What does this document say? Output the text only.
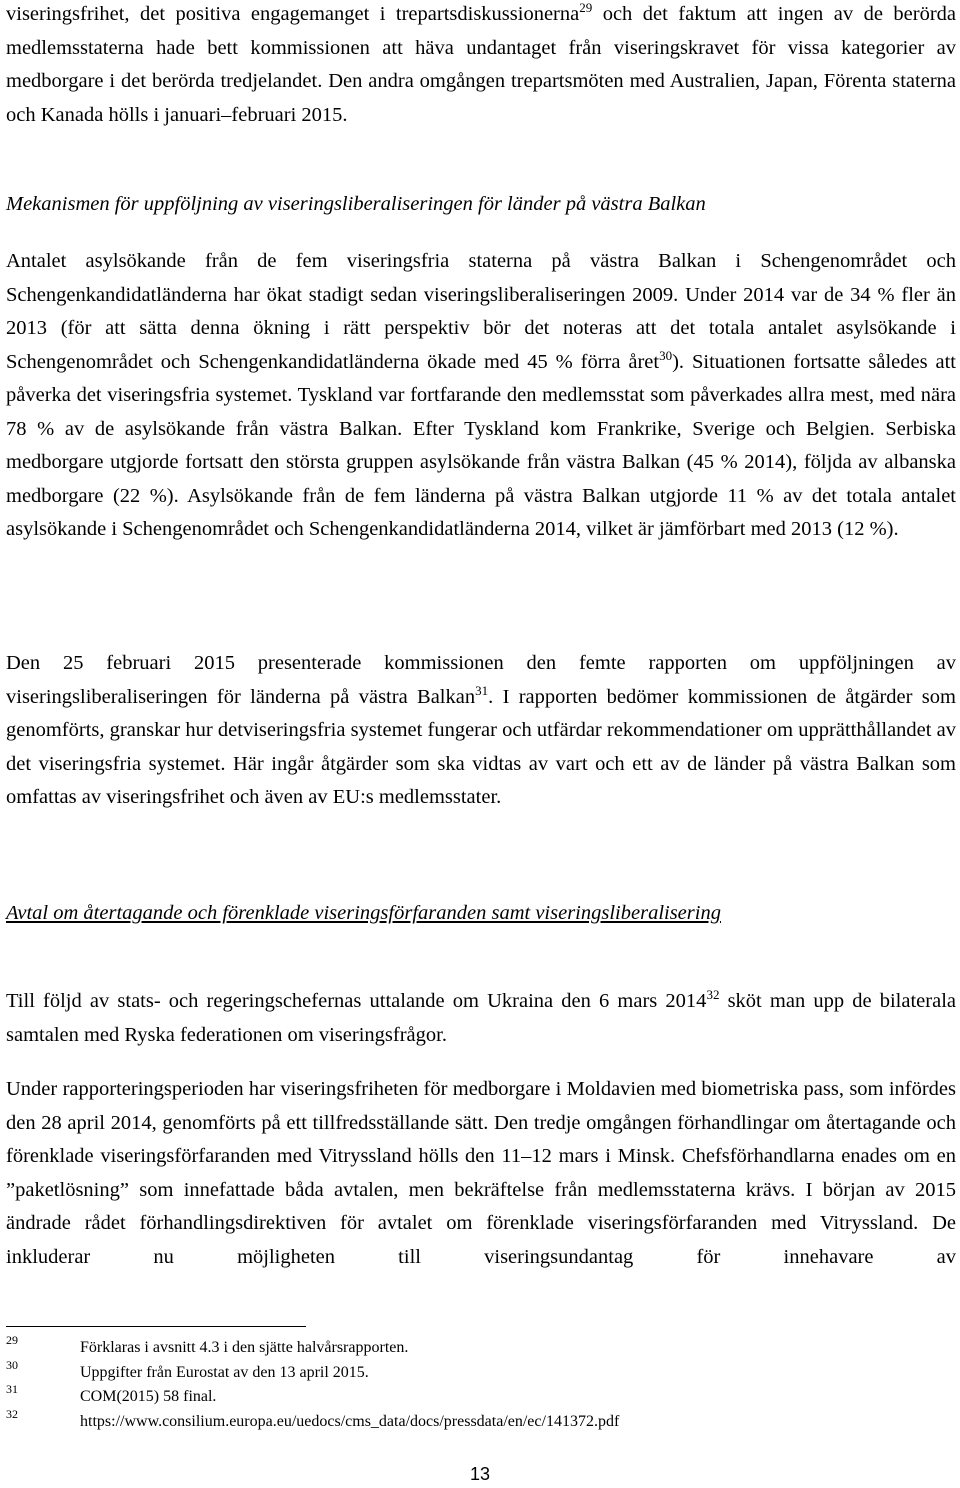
viseringsfrihet, det positiva engagemanget i trepartsdiskussionerna$^{29}$ och det faktum att ingen av de berörda medlemsstaterna hade bett kommissionen att häva undantaget från viseringskravet för vissa kategorier av medborgare i det berörda tredjelandet. Den andra omgången trepartsmöten med Australien, Japan, Förenta staterna och Kanada hölls i januari–februari 2015.

Mekanismen för uppföljning av viseringsliberaliseringen för länder på västra Balkan

Antalet asylsökande från de fem viseringsfria staterna på västra Balkan i Schengenområdet och Schengenkandidatländerna har ökat stadigt sedan viseringsliberaliseringen 2009. Under 2014 var de 34 % fler än 2013 (för att sätta denna ökning i rätt perspektiv bör det noteras att det totala antalet asylsökande i Schengenområdet och Schengenkandidatländerna ökade med 45 % förra året$^{30}$). Situationen fortsatte således att påverka det viseringsfria systemet. Tyskland var fortfarande den medlemsstat som påverkades allra mest, med nära 78 % av de asylsökande från västra Balkan. Efter Tyskland kom Frankrike, Sverige och Belgien. Serbiska medborgare utgjorde fortsatt den största gruppen asylsökande från västra Balkan (45 % 2014), följda av albanska medborgare (22 %). Asylsökande från de fem länderna på västra Balkan utgjorde 11 % av det totala antalet asylsökande i Schengenområdet och Schengenkandidatländerna 2014, vilket är jämförbart med 2013 (12 %).

Den 25 februari 2015 presenterade kommissionen den femte rapporten om uppföljningen av viseringsliberaliseringen för länderna på västra Balkan$^{31}$. I rapporten bedömer kommissionen de åtgärder som genomförts, granskar hur detviseringsfria systemet fungerar och utfärdar rekommendationer om upprätthållandet av det viseringsfria systemet. Här ingår åtgärder som ska vidtas av vart och ett av de länder på västra Balkan som omfattas av viseringsfrihet och även av EU:s medlemsstater.

Avtal om återtagande och förenklade viseringsförfaranden samt viseringsliberalisering

Till följd av stats- och regeringschefernas uttalande om Ukraina den 6 mars 2014$^{32}$ sköt man upp de bilaterala samtalen med Ryska federationen om viseringsfrågor.

Under rapporteringsperioden har viseringsfriheten för medborgare i Moldavien med biometriska pass, som infördes den 28 april 2014, genomförts på ett tillfredsställande sätt. Den tredje omgången förhandlingar om återtagande och förenklade viseringsförfaranden med Vitryssland hölls den 11–12 mars i Minsk. Chefsförhandlarna enades om en ”paketlösning” som innefattade båda avtalen, men bekräftelse från medlemsstaterna krävs. I början av 2015 ändrade rådet förhandlingsdirektiven för avtalet om förenklade viseringsförfaranden med Vitryssland. De inkluderar nu möjligheten till viseringsundantag för innehavare av

29	Förklaras i avsnitt 4.3 i den sjätte halvårsrapporten.
30	Uppgifter från Eurostat av den 13 april 2015.
31	COM(2015) 58 final.
32	https://www.consilium.europa.eu/uedocs/cms_data/docs/pressdata/en/ec/141372.pdf
13
